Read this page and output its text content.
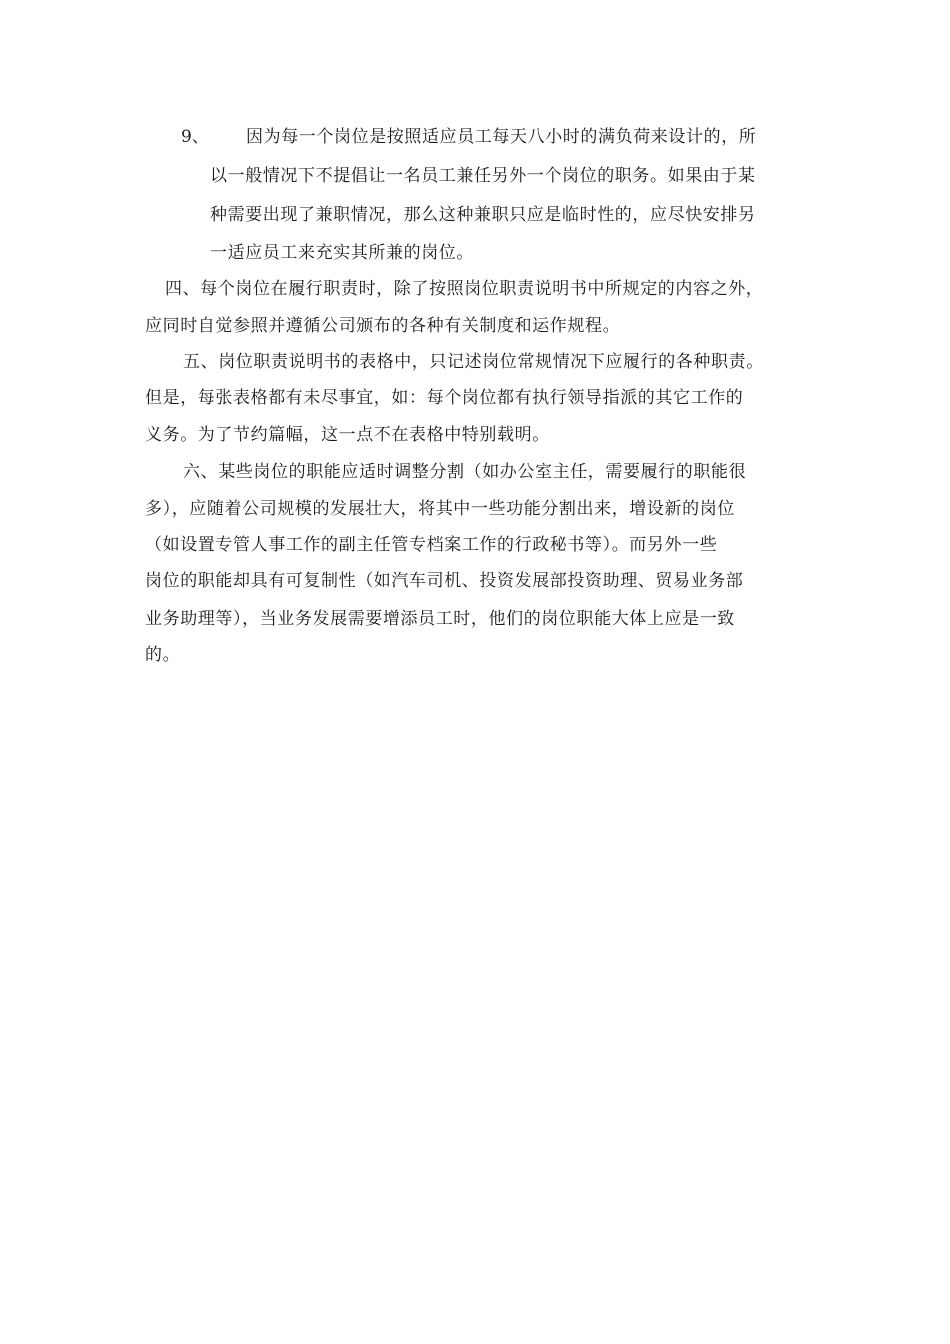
9、 因为每一个岗位是按照适应员工每天八小时的满负荷来设计的，所
以一般情况下不提倡让一名员工兼任另外一个岗位的职务。如果由于某
种需要出现了兼职情况，那么这种兼职只应是临时性的，应尽快安排另
一适应员工来充实其所兼的岗位。
四、每个岗位在履行职责时，除了按照岗位职责说明书中所规定的内容之外，
应同时自觉参照并遵循公司颁布的各种有关制度和运作规程。
五、岗位职责说明书的表格中，只记述岗位常规情况下应履行的各种职责。
但是，每张表格都有未尽事宜，如：每个岗位都有执行领导指派的其它工作的
义务。为了节约篇幅，这一点不在表格中特别载明。
六、某些岗位的职能应适时调整分割（如办公室主任，需要履行的职能很
多），应随着公司规模的发展壮大，将其中一些功能分割出来，增设新的岗位
（如设置专管人事工作的副主任管专档案工作的行政秘书等）。而另外一些
岗位的职能却具有可复制性（如汽车司机、投资发展部投资助理、贸易业务部
业务助理等），当业务发展需要增添员工时，他们的岗位职能大体上应是一致
的。
